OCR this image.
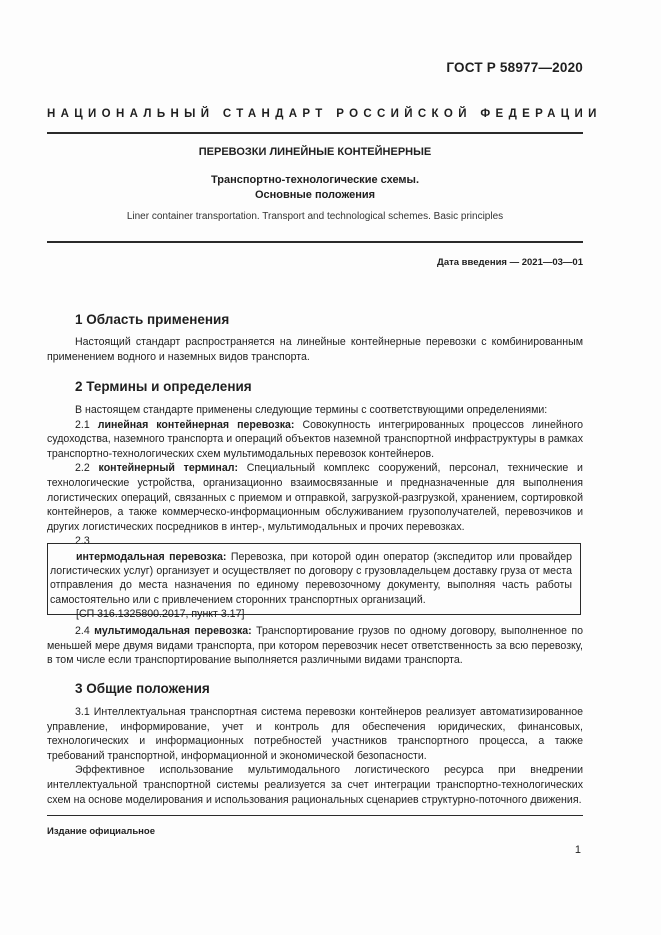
ГОСТ Р 58977—2020
НАЦИОНАЛЬНЫЙ СТАНДАРТ РОССИЙСКОЙ ФЕДЕРАЦИИ
ПЕРЕВОЗКИ ЛИНЕЙНЫЕ КОНТЕЙНЕРНЫЕ
Транспортно-технологические схемы.
Основные положения
Liner container transportation. Transport and technological schemes. Basic principles
Дата введения — 2021—03—01
1 Область применения

Настоящий стандарт распространяется на линейные контейнерные перевозки с комбинированным применением водного и наземных видов транспорта.

2 Термины и определения

В настоящем стандарте применены следующие термины с соответствующими определениями:

2.1 линейная контейнерная перевозка: Совокупность интегрированных процессов линейного судоходства, наземного транспорта и операций объектов наземной транспортной инфраструктуры в рамках транспортно-технологических схем мультимодальных перевозок контейнеров.

2.2 контейнерный терминал: Специальный комплекс сооружений, персонал, технические и технологические устройства, организационно взаимосвязанные и предназначенные для выполнения логистических операций, связанных с приемом и отправкой, загрузкой-разгрузкой, хранением, сортировкой контейнеров, а также коммерческо-информационным обслуживанием грузополучателей, перевозчиков и других логистических посредников в интер-, мультимодальных и прочих перевозках.

2.3

интермодальная перевозка: Перевозка, при которой один оператор (экспедитор или провайдер логистических услуг) организует и осуществляет по договору с грузовладельцем доставку груза от места отправления до места назначения по единому перевозочному документу, выполняя часть работы самостоятельно или с привлечением сторонних транспортных организаций.

[СП 316.1325800.2017, пункт 3.17]

2.4 мультимодальная перевозка: Транспортирование грузов по одному договору, выполненное по меньшей мере двумя видами транспорта, при котором перевозчик несет ответственность за всю перевозку, в том числе если транспортирование выполняется различными видами транспорта.

3 Общие положения

3.1 Интеллектуальная транспортная система перевозки контейнеров реализует автоматизированное управление, информирование, учет и контроль для обеспечения юридических, финансовых, технологических и информационных потребностей участников транспортного процесса, а также требований транспортной, информационной и экономической безопасности.

Эффективное использование мультимодального логистического ресурса при внедрении интеллектуальной транспортной системы реализуется за счет интеграции транспортно-технологических схем на основе моделирования и использования рациональных сценариев структурно-поточного движения.

Издание официальное
1
